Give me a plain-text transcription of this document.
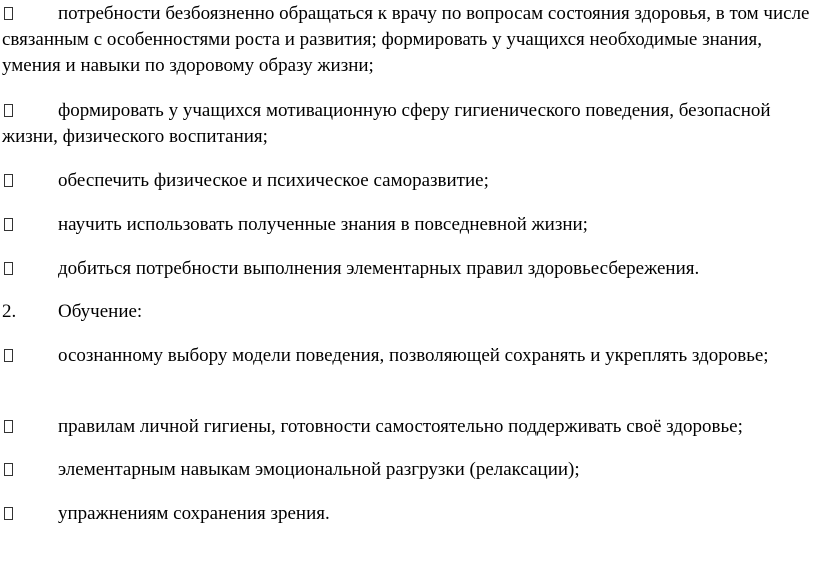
потребности безбоязненно обращаться к врачу по вопросам состояния здоровья, в том числе связанным с особенностями роста и развития; формировать у учащихся необходимые знания, умения и навыки по здоровому образу жизни;

формировать у учащихся мотивационную сферу гигиенического поведения, безопасной жизни, физического воспитания;

обеспечить физическое и психическое саморазвитие;

научить использовать полученные знания в повседневной жизни;

добиться потребности выполнения элементарных правил здоровьесбережения.

2. Обучение:

осознанному выбору модели поведения, позволяющей сохранять и укреплять здоровье;

правилам личной гигиены, готовности самостоятельно поддерживать своё здоровье;

элементарным навыкам эмоциональной разгрузки (релаксации);

упражнениям сохранения зрения.
